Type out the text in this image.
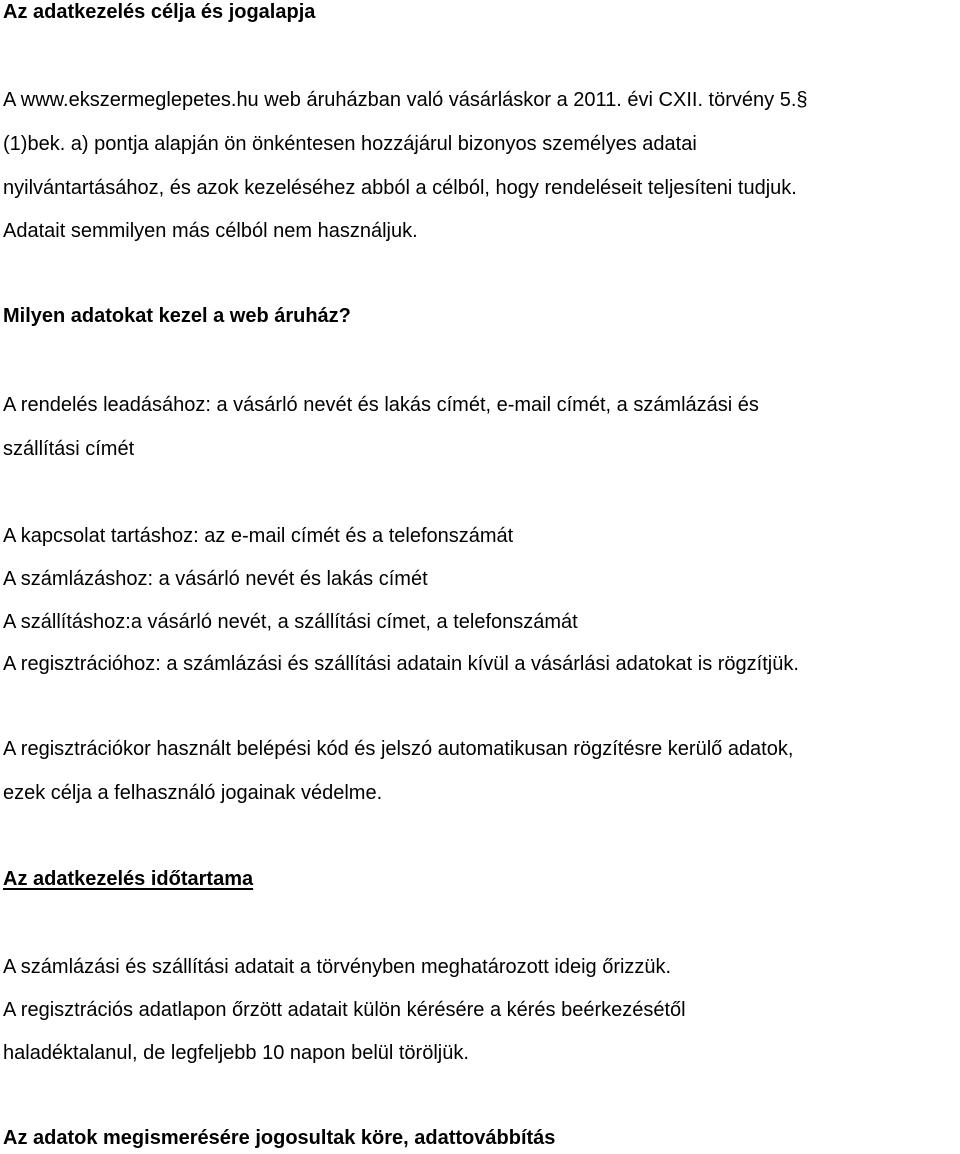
Az adatkezelés célja és jogalapja
A www.ekszermeglepetes.hu web áruházban való vásárláskor a 2011. évi CXII. törvény 5.§
(1)bek. a) pontja alapján ön önkéntesen hozzájárul bizonyos személyes adatai
nyilvántartásához, és azok kezeléséhez abból a célból, hogy rendeléseit teljesíteni tudjuk.
Adatait semmilyen más célból nem használjuk.
Milyen adatokat kezel a web áruház?
A rendelés leadásához: a vásárló nevét és lakás címét, e-mail címét, a számlázási és
szállítási címét
A kapcsolat tartáshoz: az e-mail címét és a telefonszámát
A számlázáshoz: a vásárló nevét és lakás címét
A szállításhoz:a vásárló nevét, a szállítási címet, a telefonszámát
A regisztrációhoz: a számlázási és szállítási adatain kívül a vásárlási adatokat is rögzítjük.
A regisztrációkor használt belépési kód és jelszó automatikusan rögzítésre kerülő adatok,
ezek célja a felhasználó jogainak védelme.
Az adatkezelés időtartama
A számlázási és szállítási adatait a törvényben meghatározott ideig őrizzük.
A regisztrációs adatlapon őrzött adatait külön kérésére a kérés beérkezésétől
haladéktalanul, de legfeljebb 10 napon belül töröljük.
Az adatok megismerésére jogosultak köre, adattovábbítás
